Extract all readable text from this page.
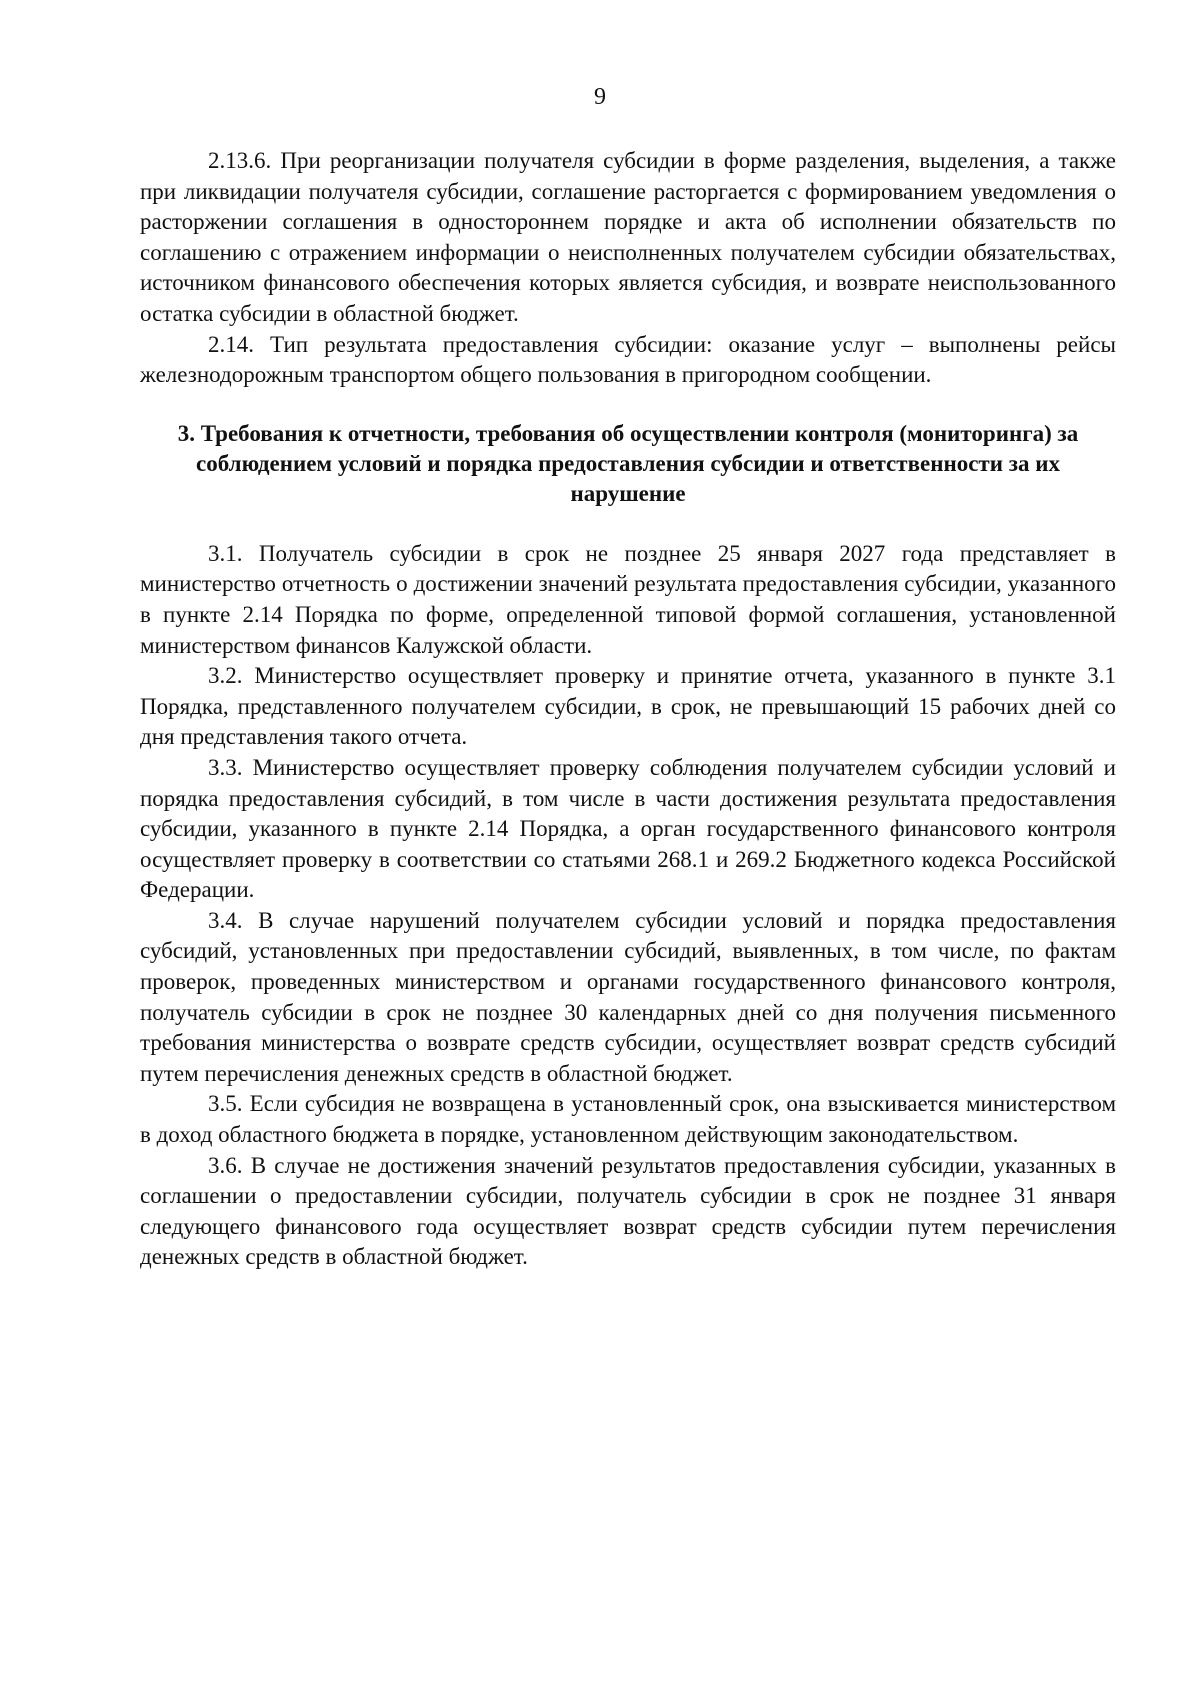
9

2.13.6. При реорганизации получателя субсидии в форме разделения, выделения, а также при ликвидации получателя субсидии, соглашение расторгается с формированием уведомления о расторжении соглашения в одностороннем порядке и акта об исполнении обязательств по соглашению с отражением информации о неисполненных получателем субсидии обязательствах, источником финансового обеспечения которых является субсидия, и возврате неиспользованного остатка субсидии в областной бюджет.

2.14. Тип результата предоставления субсидии: оказание услуг – выполнены рейсы железнодорожным транспортом общего пользования в пригородном сообщении.

3. Требования к отчетности, требования об осуществлении контроля (мониторинга) за соблюдением условий и порядка предоставления субсидии и ответственности за их нарушение

3.1. Получатель субсидии в срок не позднее 25 января 2027 года представляет в министерство отчетность о достижении значений результата предоставления субсидии, указанного в пункте 2.14 Порядка по форме, определенной типовой формой соглашения, установленной министерством финансов Калужской области.

3.2. Министерство осуществляет проверку и принятие отчета, указанного в пункте 3.1 Порядка, представленного получателем субсидии, в срок, не превышающий 15 рабочих дней со дня представления такого отчета.

3.3. Министерство осуществляет проверку соблюдения получателем субсидии условий и порядка предоставления субсидий, в том числе в части достижения результата предоставления субсидии, указанного в пункте 2.14 Порядка, а орган государственного финансового контроля осуществляет проверку в соответствии со статьями 268.1 и 269.2 Бюджетного кодекса Российской Федерации.

3.4. В случае нарушений получателем субсидии условий и порядка предоставления субсидий, установленных при предоставлении субсидий, выявленных, в том числе, по фактам проверок, проведенных министерством и органами государственного финансового контроля, получатель субсидии в срок не позднее 30 календарных дней со дня получения письменного требования министерства о возврате средств субсидии, осуществляет возврат средств субсидий путем перечисления денежных средств в областной бюджет.

3.5. Если субсидия не возвращена в установленный срок, она взыскивается министерством в доход областного бюджета в порядке, установленном действующим законодательством.

3.6. В случае не достижения значений результатов предоставления субсидии, указанных в соглашении о предоставлении субсидии, получатель субсидии в срок не позднее 31 января следующего финансового года осуществляет возврат средств субсидии путем перечисления денежных средств в областной бюджет.
